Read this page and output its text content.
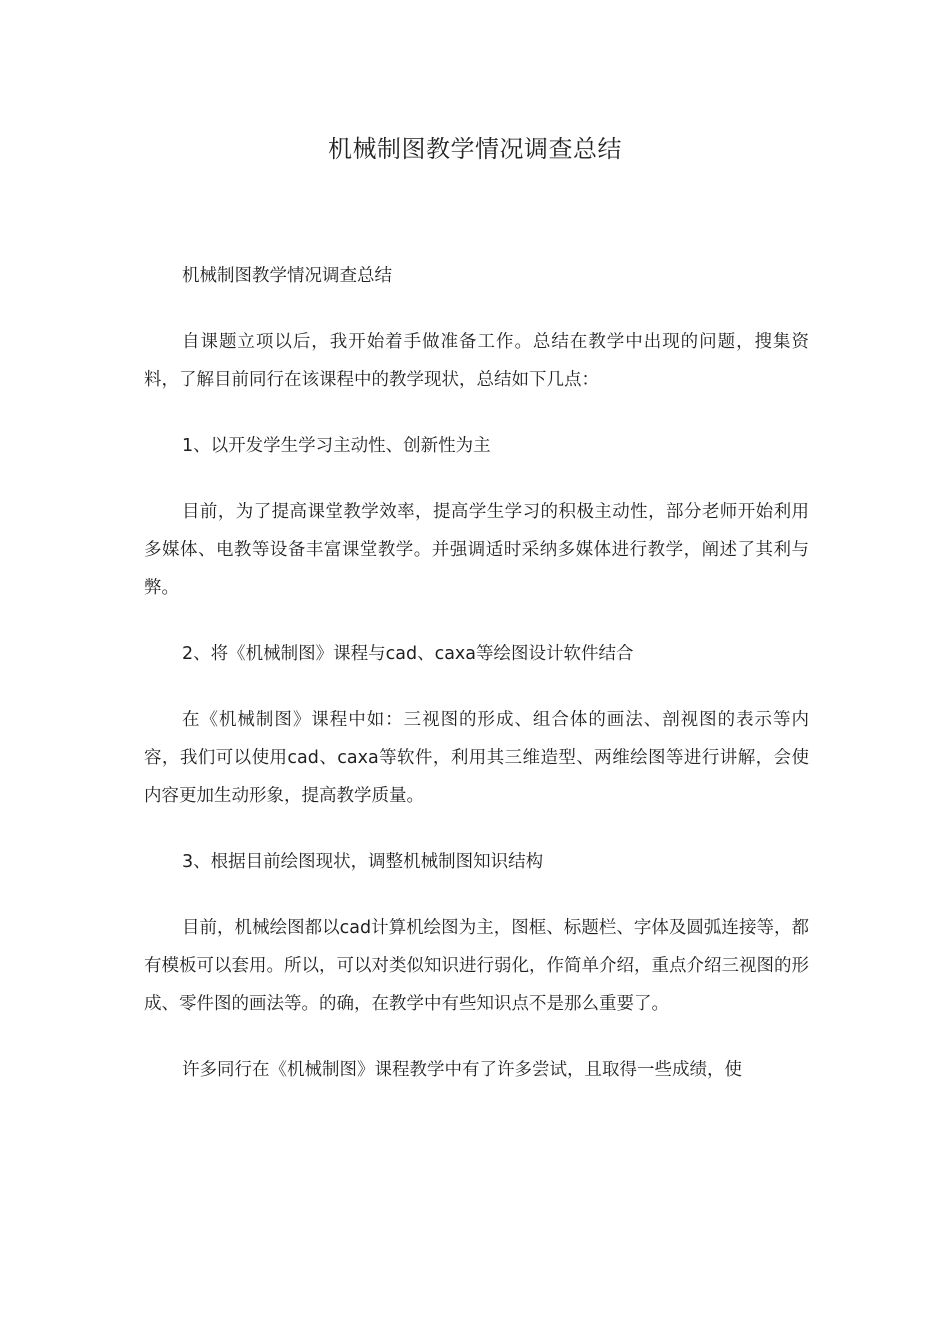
机械制图教学情况调查总结

机械制图教学情况调查总结

自课题立项以后，我开始着手做准备工作。总结在教学中出现的问题，搜集资料，了解目前同行在该课程中的教学现状，总结如下几点：

1、以开发学生学习主动性、创新性为主

目前，为了提高课堂教学效率，提高学生学习的积极主动性，部分老师开始利用多媒体、电教等设备丰富课堂教学。并强调适时采纳多媒体进行教学，阐述了其利与弊。

2、将《机械制图》课程与cad、caxa等绘图设计软件结合

在《机械制图》课程中如：三视图的形成、组合体的画法、剖视图的表示等内容，我们可以使用cad、caxa等软件，利用其三维造型、两维绘图等进行讲解，会使内容更加生动形象，提高教学质量。

3、根据目前绘图现状，调整机械制图知识结构

目前，机械绘图都以cad计算机绘图为主，图框、标题栏、字体及圆弧连接等，都有模板可以套用。所以，可以对类似知识进行弱化，作简单介绍，重点介绍三视图的形成、零件图的画法等。的确，在教学中有些知识点不是那么重要了。

许多同行在《机械制图》课程教学中有了许多尝试，且取得一些成绩，使
